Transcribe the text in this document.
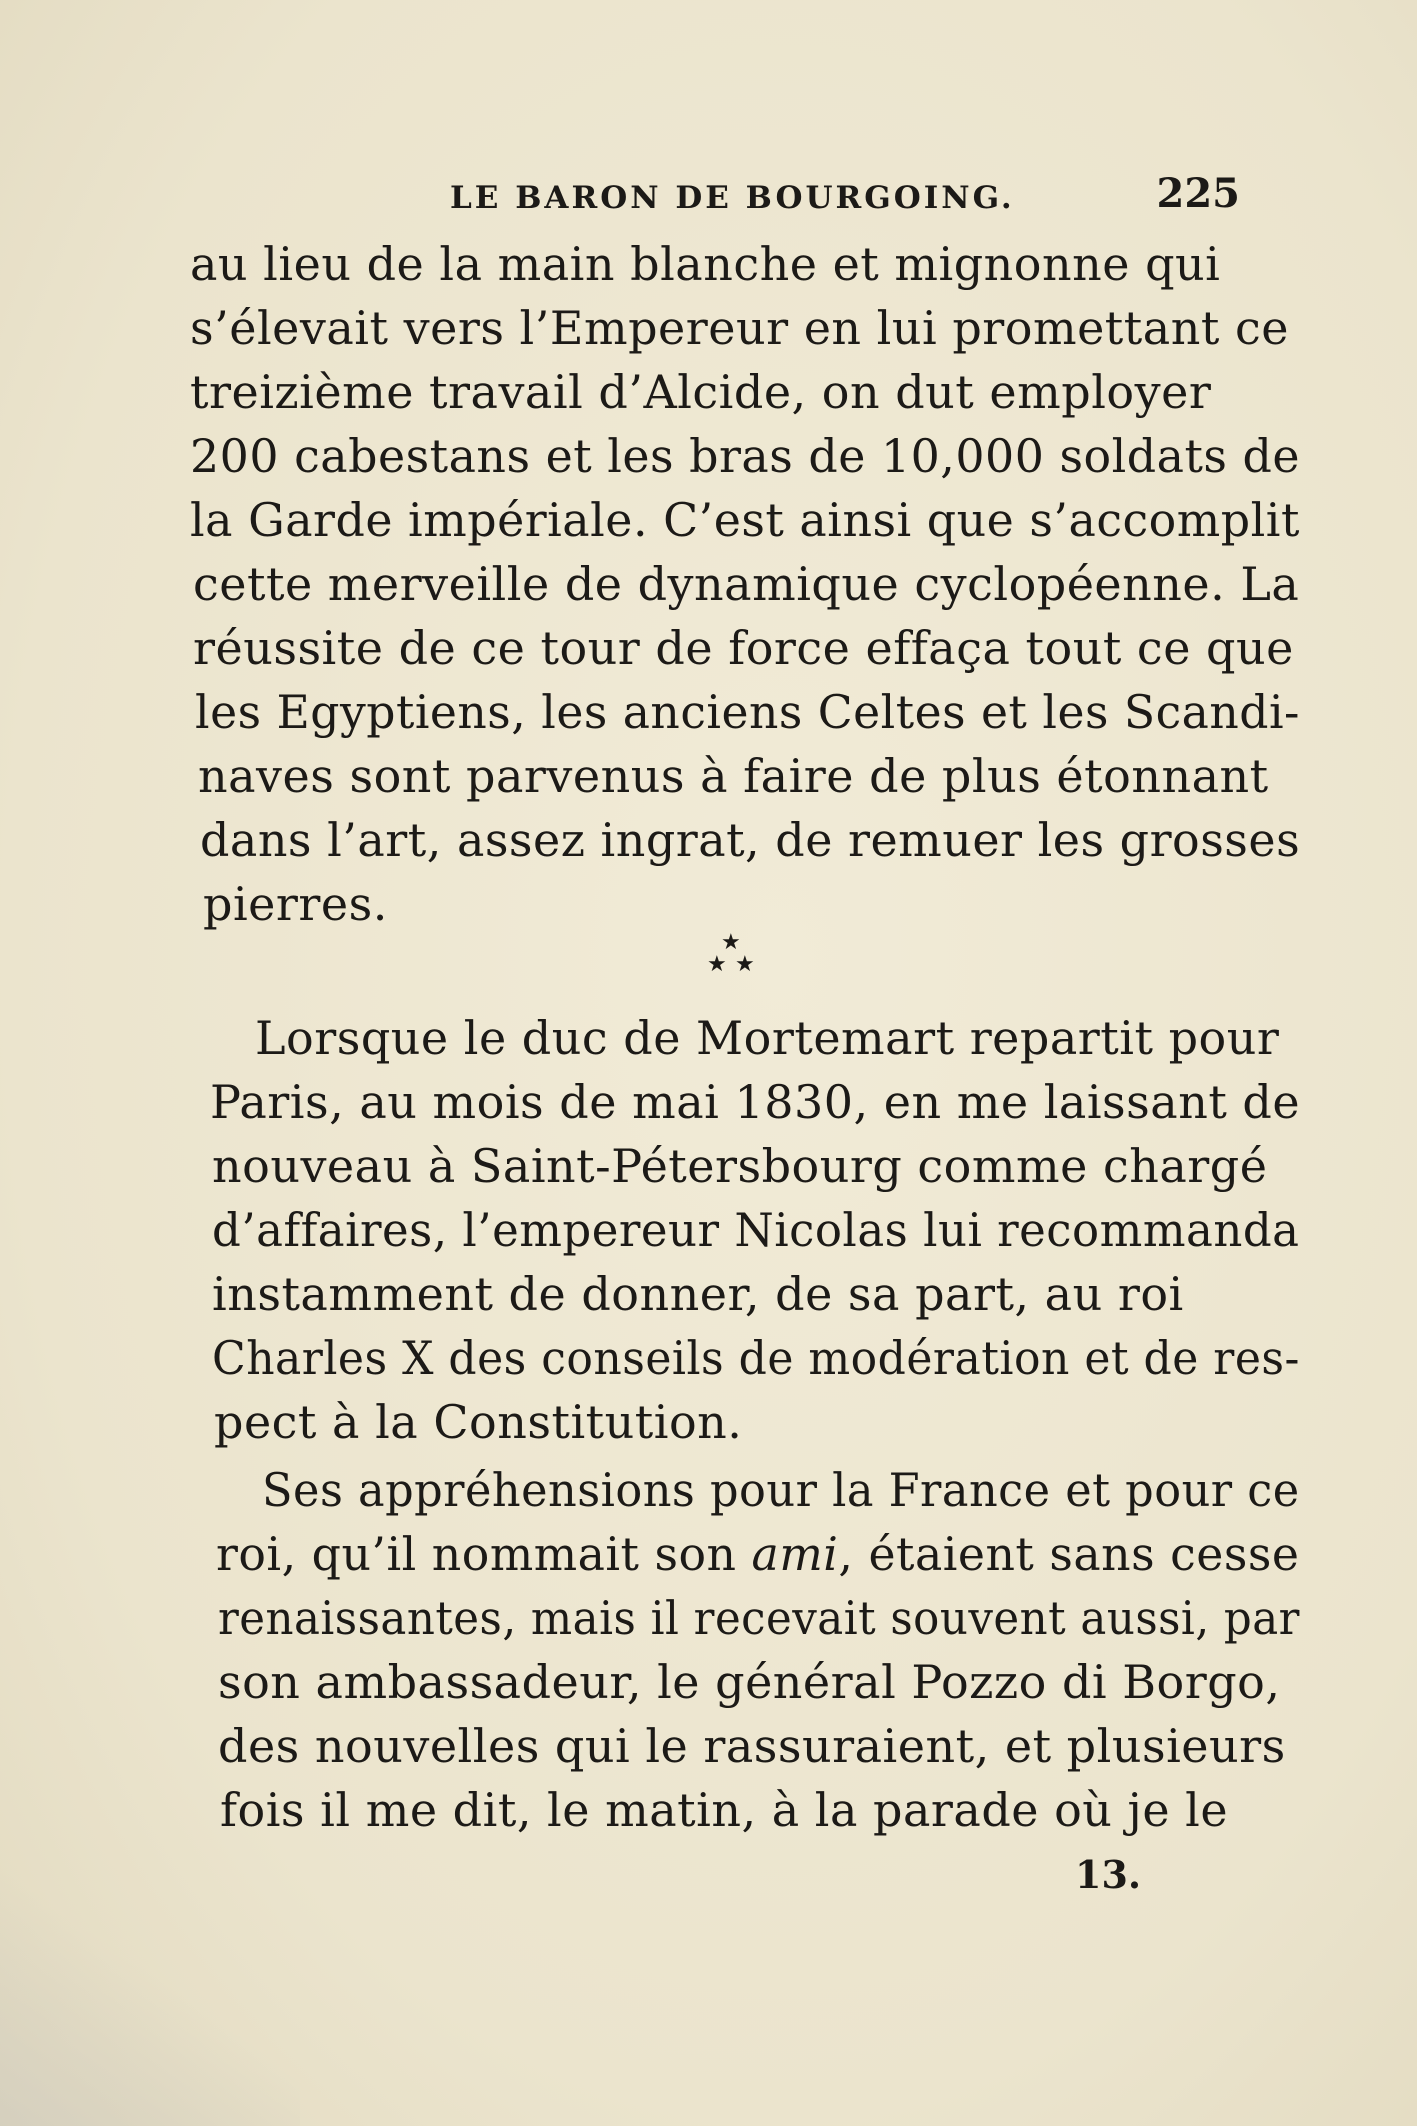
LE BARON DE BOURGOING.	225
au lieu de la main blanche et mignonne qui
s’élevait vers l’Empereur en lui promettant ce
treizième travail d’Alcide, on dut employer
200 cabestans et les bras de 10,000 soldats de
la Garde impériale. C’est ainsi que s’accomplit
cette merveille de dynamique cyclopéenne. La
réussite de ce tour de force effaça tout ce que
les Egyptiens, les anciens Celtes et les Scandi-
naves sont parvenus à faire de plus étonnant
dans l’art, assez ingrat, de remuer les grosses
pierres.
★
★ ★
Lorsque le duc de Mortemart repartit pour
Paris, au mois de mai 1830, en me laissant de
nouveau à Saint-Pétersbourg comme chargé
d’affaires, l’empereur Nicolas lui recommanda
instamment de donner, de sa part, au roi
Charles X des conseils de modération et de res-
pect à la Constitution.
Ses appréhensions pour la France et pour ce
roi, qu’il nommait son ami, étaient sans cesse
renaissantes, mais il recevait souvent aussi, par
son ambassadeur, le général Pozzo di Borgo,
des nouvelles qui le rassuraient, et plusieurs
fois il me dit, le matin, à la parade où je le
13.
